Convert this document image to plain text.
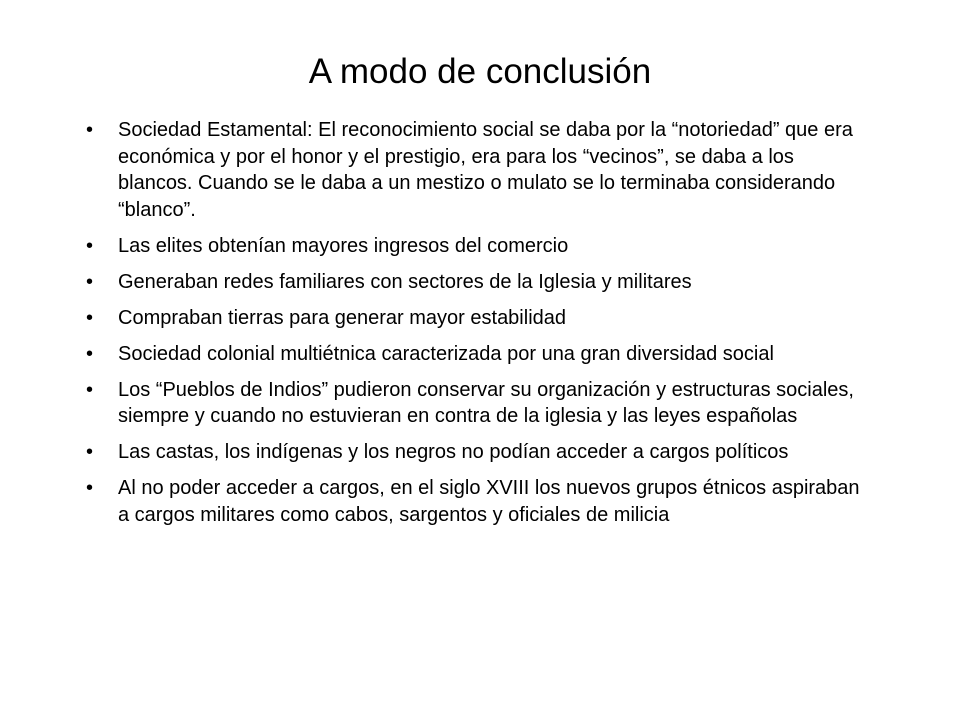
A modo de conclusión
•	Sociedad Estamental: El reconocimiento social se daba por la “notoriedad” que era económica y por el honor y el prestigio, era para los “vecinos”, se daba a los blancos. Cuando se le daba a un mestizo o mulato se lo terminaba considerando “blanco”.
•	Las elites obtenían mayores ingresos del comercio
•	Generaban redes familiares con sectores de la Iglesia y militares
•	Compraban tierras para generar mayor estabilidad
•	Sociedad colonial multiétnica caracterizada por una gran diversidad social
•	Los “Pueblos de Indios” pudieron conservar su organización y estructuras sociales, siempre y cuando no estuvieran en contra de la iglesia y las leyes españolas
•	Las castas, los indígenas y los negros no podían acceder a cargos políticos
•	Al no poder acceder a cargos, en el siglo XVIII los nuevos grupos étnicos aspiraban a cargos militares como cabos, sargentos y oficiales de milicia
